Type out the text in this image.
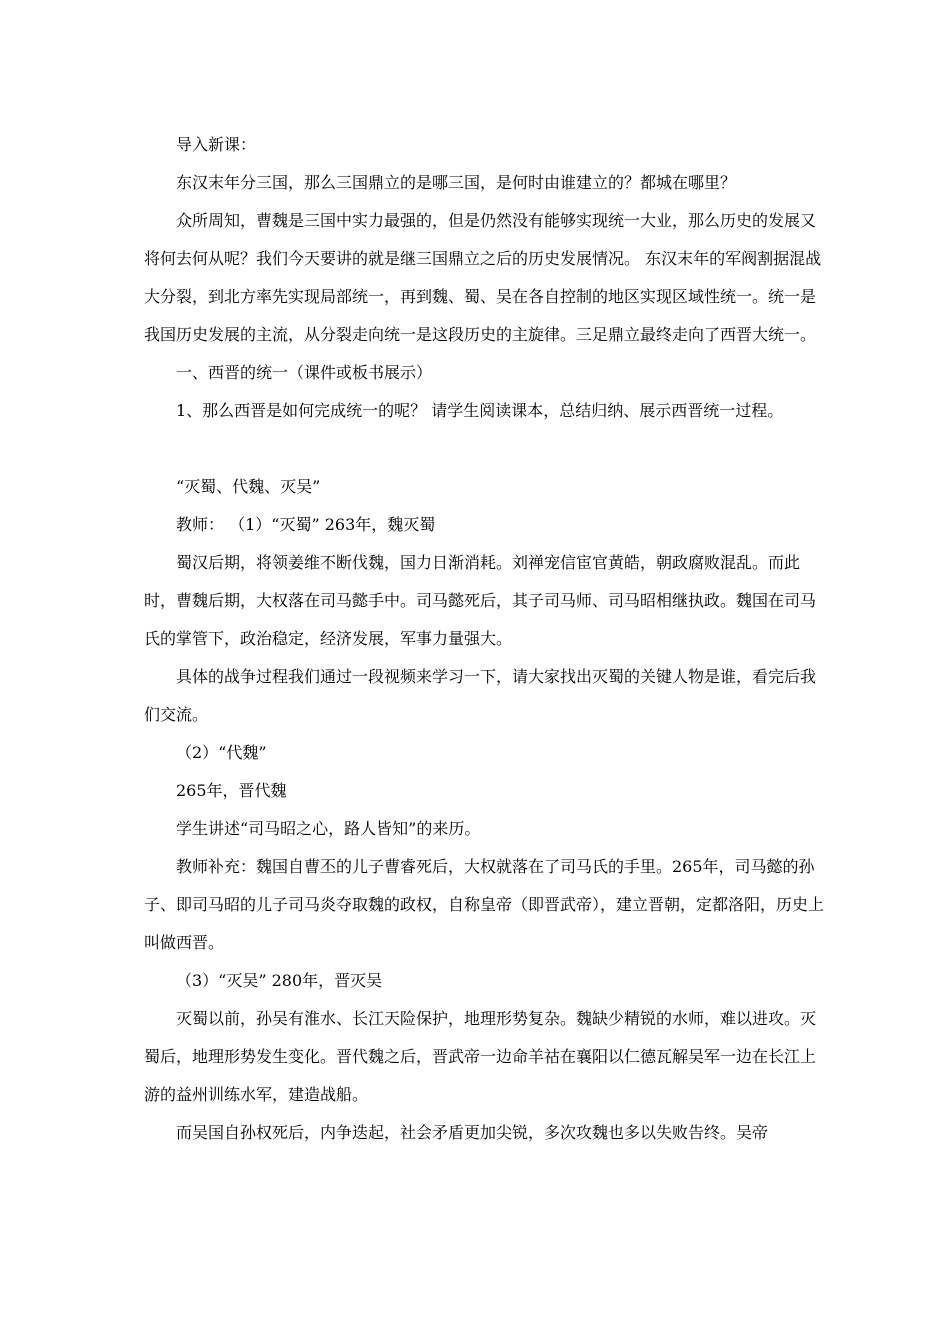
导入新课：

东汉末年分三国，那么三国鼎立的是哪三国，是何时由谁建立的？都城在哪里？

众所周知，曹魏是三国中实力最强的，但是仍然没有能够实现统一大业，那么历史的发展又将何去何从呢？我们今天要讲的就是继三国鼎立之后的历史发展情况。 东汉末年的军阀割据混战大分裂，到北方率先实现局部统一，再到魏、蜀、吴在各自控制的地区实现区域性统一。统一是我国历史发展的主流，从分裂走向统一是这段历史的主旋律。三足鼎立最终走向了西晋大统一。

一、西晋的统一（课件或板书展示）

1、那么西晋是如何完成统一的呢？ 请学生阅读课本，总结归纳、展示西晋统一过程。

“灭蜀、代魏、灭吴”

教师： （1）“灭蜀” 263年，魏灭蜀

蜀汉后期，将领姜维不断伐魏，国力日渐消耗。刘禅宠信宦官黄皓，朝政腐败混乱。而此时，曹魏后期，大权落在司马懿手中。司马懿死后，其子司马师、司马昭相继执政。魏国在司马氏的掌管下，政治稳定，经济发展，军事力量强大。

具体的战争过程我们通过一段视频来学习一下，请大家找出灭蜀的关键人物是谁，看完后我们交流。

（2）“代魏”

265年，晋代魏

学生讲述“司马昭之心，路人皆知”的来历。

教师补充：魏国自曹丕的儿子曹睿死后，大权就落在了司马氏的手里。265年，司马懿的孙子、即司马昭的儿子司马炎夺取魏的政权，自称皇帝（即晋武帝），建立晋朝，定都洛阳，历史上叫做西晋。

（3）“灭吴” 280年，晋灭吴

灭蜀以前，孙吴有淮水、长江天险保护，地理形势复杂。魏缺少精锐的水师，难以进攻。灭蜀后，地理形势发生变化。晋代魏之后，晋武帝一边命羊祜在襄阳以仁德瓦解吴军一边在长江上游的益州训练水军，建造战船。

而吴国自孙权死后，内争迭起，社会矛盾更加尖锐，多次攻魏也多以失败告终。吴帝
